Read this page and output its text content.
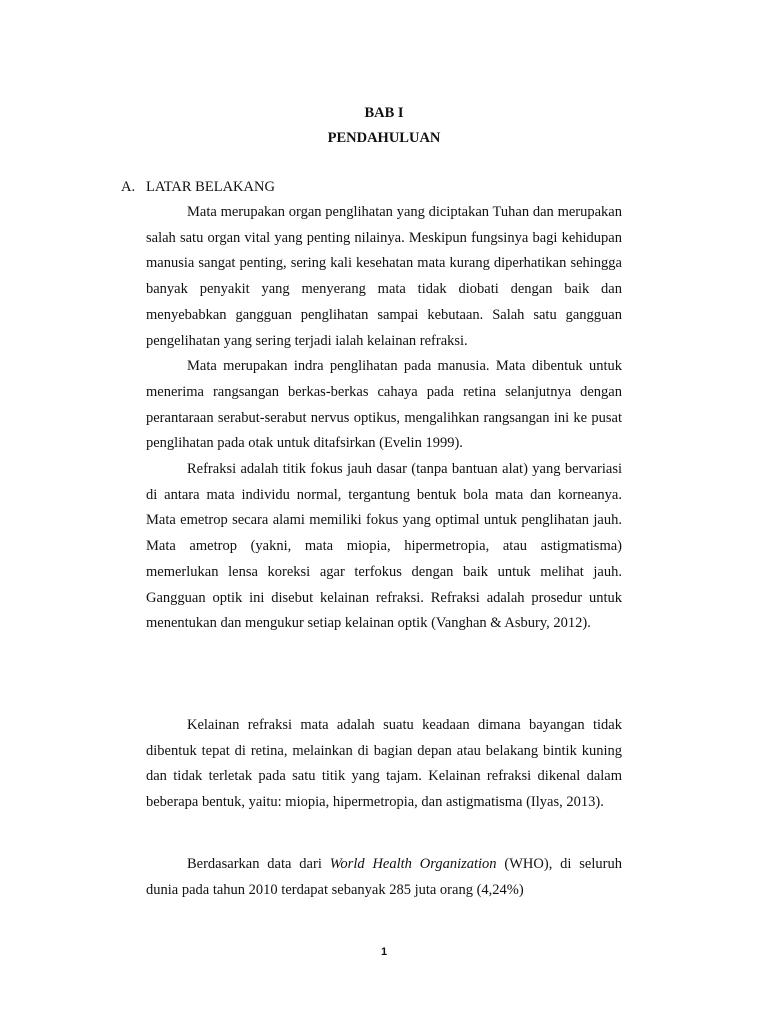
BAB I
PENDAHULUAN
A. LATAR BELAKANG

Mata merupakan organ penglihatan yang diciptakan Tuhan dan merupakan salah satu organ vital yang penting nilainya. Meskipun fungsinya bagi kehidupan manusia sangat penting, sering kali kesehatan mata kurang diperhatikan sehingga banyak penyakit yang menyerang mata tidak diobati dengan baik dan menyebabkan gangguan penglihatan sampai kebutaan. Salah satu gangguan pengelihatan yang sering terjadi ialah kelainan refraksi.

Mata merupakan indra penglihatan pada manusia. Mata dibentuk untuk menerima rangsangan berkas-berkas cahaya pada retina selanjutnya dengan perantaraan serabut-serabut nervus optikus, mengalihkan rangsangan ini ke pusat penglihatan pada otak untuk ditafsirkan (Evelin 1999).

Refraksi adalah titik fokus jauh dasar (tanpa bantuan alat) yang bervariasi di antara mata individu normal, tergantung bentuk bola mata dan korneanya. Mata emetrop secara alami memiliki fokus yang optimal untuk penglihatan jauh. Mata ametrop (yakni, mata miopia, hipermetropia, atau astigmatisma) memerlukan lensa koreksi agar terfokus dengan baik untuk melihat jauh. Gangguan optik ini disebut kelainan refraksi. Refraksi adalah prosedur untuk menentukan dan mengukur setiap kelainan optik (Vanghan & Asbury, 2012).

Kelainan refraksi mata adalah suatu keadaan dimana bayangan tidak dibentuk tepat di retina, melainkan di bagian depan atau belakang bintik kuning dan tidak terletak pada satu titik yang tajam. Kelainan refraksi dikenal dalam beberapa bentuk, yaitu: miopia, hipermetropia, dan astigmatisma (Ilyas, 2013).

Berdasarkan data dari World Health Organization (WHO), di seluruh dunia pada tahun 2010 terdapat sebanyak 285 juta orang (4,24%)

1
